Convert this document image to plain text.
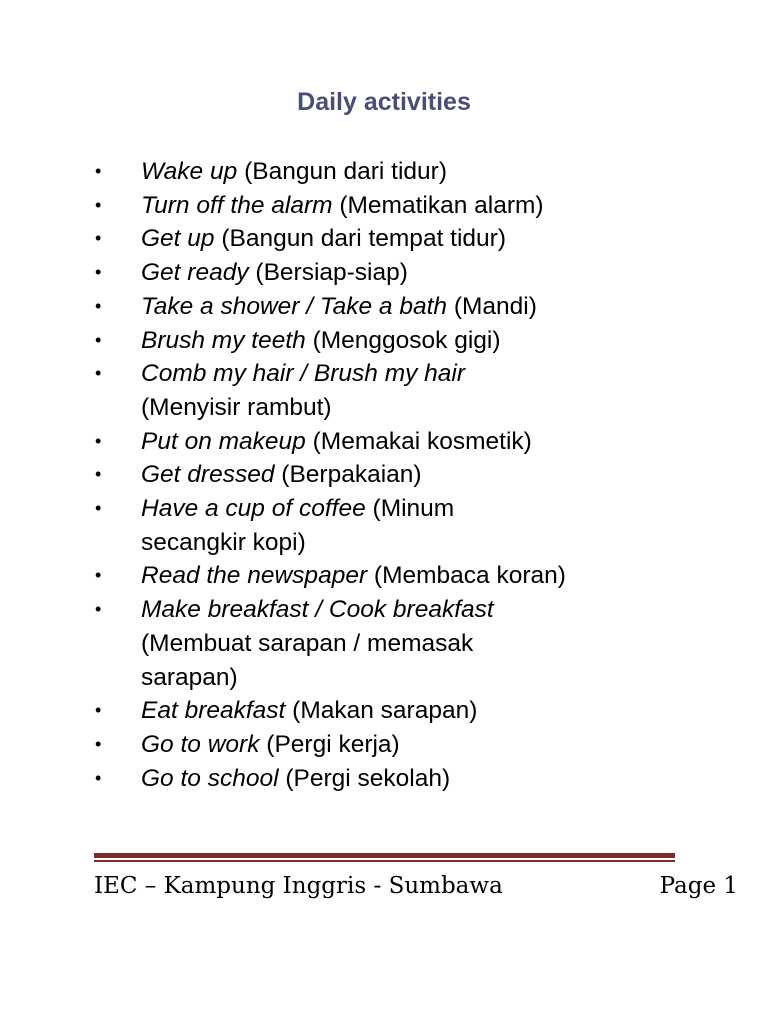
Daily activities
• Wake up (Bangun dari tidur)
• Turn off the alarm (Mematikan alarm)
• Get up (Bangun dari tempat tidur)
• Get ready (Bersiap-siap)
• Take a shower / Take a bath (Mandi)
• Brush my teeth (Menggosok gigi)
• Comb my hair / Brush my hair (Menyisir rambut)
• Put on makeup (Memakai kosmetik)
• Get dressed (Berpakaian)
• Have a cup of coffee (Minum secangkir kopi)
• Read the newspaper (Membaca koran)
• Make breakfast / Cook breakfast (Membuat sarapan / memasak sarapan)
• Eat breakfast (Makan sarapan)
• Go to work (Pergi kerja)
• Go to school (Pergi sekolah)
IEC – Kampung Inggris - Sumbawa	Page 1
